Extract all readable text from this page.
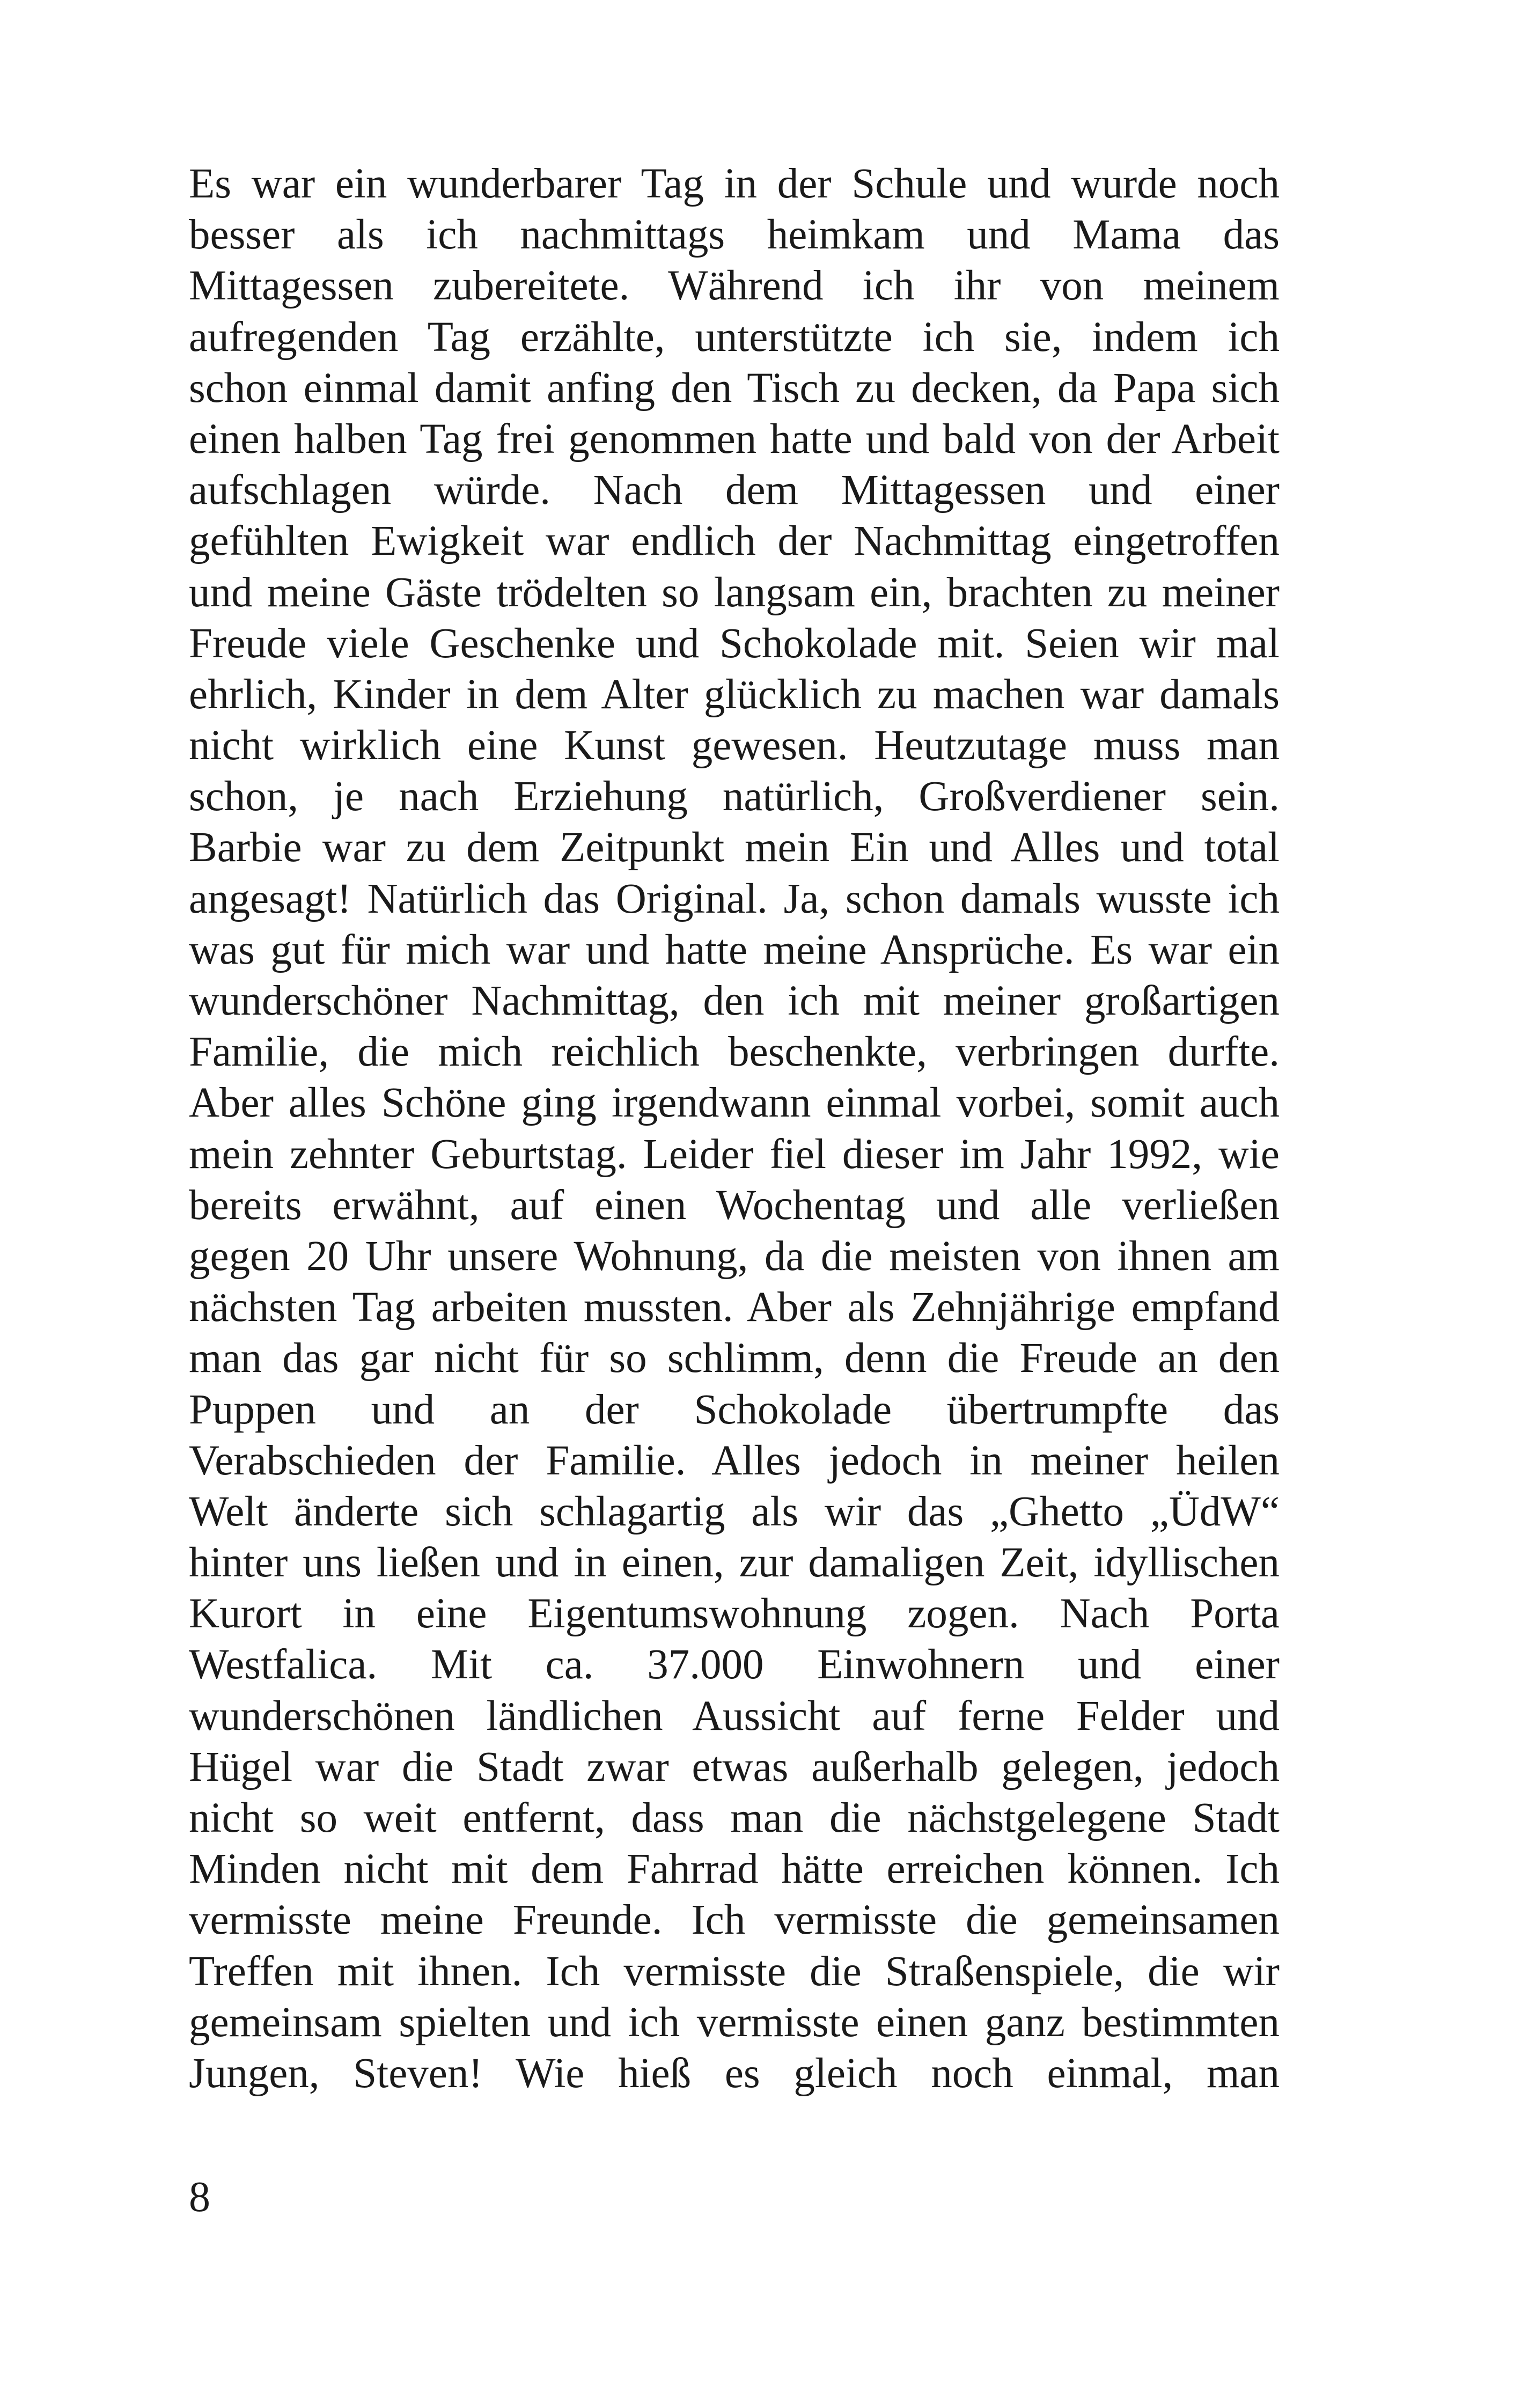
Es war ein wunderbarer Tag in der Schule und wurde noch
besser als ich nachmittags heimkam und Mama das
Mittagessen zubereitete. Während ich ihr von meinem
aufregenden Tag erzählte, unterstützte ich sie, indem ich
schon einmal damit anfing den Tisch zu decken, da Papa sich
einen halben Tag frei genommen hatte und bald von der Arbeit
aufschlagen würde. Nach dem Mittagessen und einer
gefühlten Ewigkeit war endlich der Nachmittag eingetroffen
und meine Gäste trödelten so langsam ein, brachten zu meiner
Freude viele Geschenke und Schokolade mit. Seien wir mal
ehrlich, Kinder in dem Alter glücklich zu machen war damals
nicht wirklich eine Kunst gewesen. Heutzutage muss man
schon, je nach Erziehung natürlich, Großverdiener sein.
Barbie war zu dem Zeitpunkt mein Ein und Alles und total
angesagt! Natürlich das Original. Ja, schon damals wusste ich
was gut für mich war und hatte meine Ansprüche. Es war ein
wunderschöner Nachmittag, den ich mit meiner großartigen
Familie, die mich reichlich beschenkte, verbringen durfte.
Aber alles Schöne ging irgendwann einmal vorbei, somit auch
mein zehnter Geburtstag. Leider fiel dieser im Jahr 1992, wie
bereits erwähnt, auf einen Wochentag und alle verließen
gegen 20 Uhr unsere Wohnung, da die meisten von ihnen am
nächsten Tag arbeiten mussten. Aber als Zehnjährige empfand
man das gar nicht für so schlimm, denn die Freude an den
Puppen und an der Schokolade übertrumpfte das
Verabschieden der Familie. Alles jedoch in meiner heilen
Welt änderte sich schlagartig als wir das „Ghetto „ÜdW“
hinter uns ließen und in einen, zur damaligen Zeit, idyllischen
Kurort in eine Eigentumswohnung zogen. Nach Porta
Westfalica. Mit ca. 37.000 Einwohnern und einer
wunderschönen ländlichen Aussicht auf ferne Felder und
Hügel war die Stadt zwar etwas außerhalb gelegen, jedoch
nicht so weit entfernt, dass man die nächstgelegene Stadt
Minden nicht mit dem Fahrrad hätte erreichen können. Ich
vermisste meine Freunde. Ich vermisste die gemeinsamen
Treffen mit ihnen. Ich vermisste die Straßenspiele, die wir
gemeinsam spielten und ich vermisste einen ganz bestimmten
Jungen, Steven! Wie hieß es gleich noch einmal, man

8
